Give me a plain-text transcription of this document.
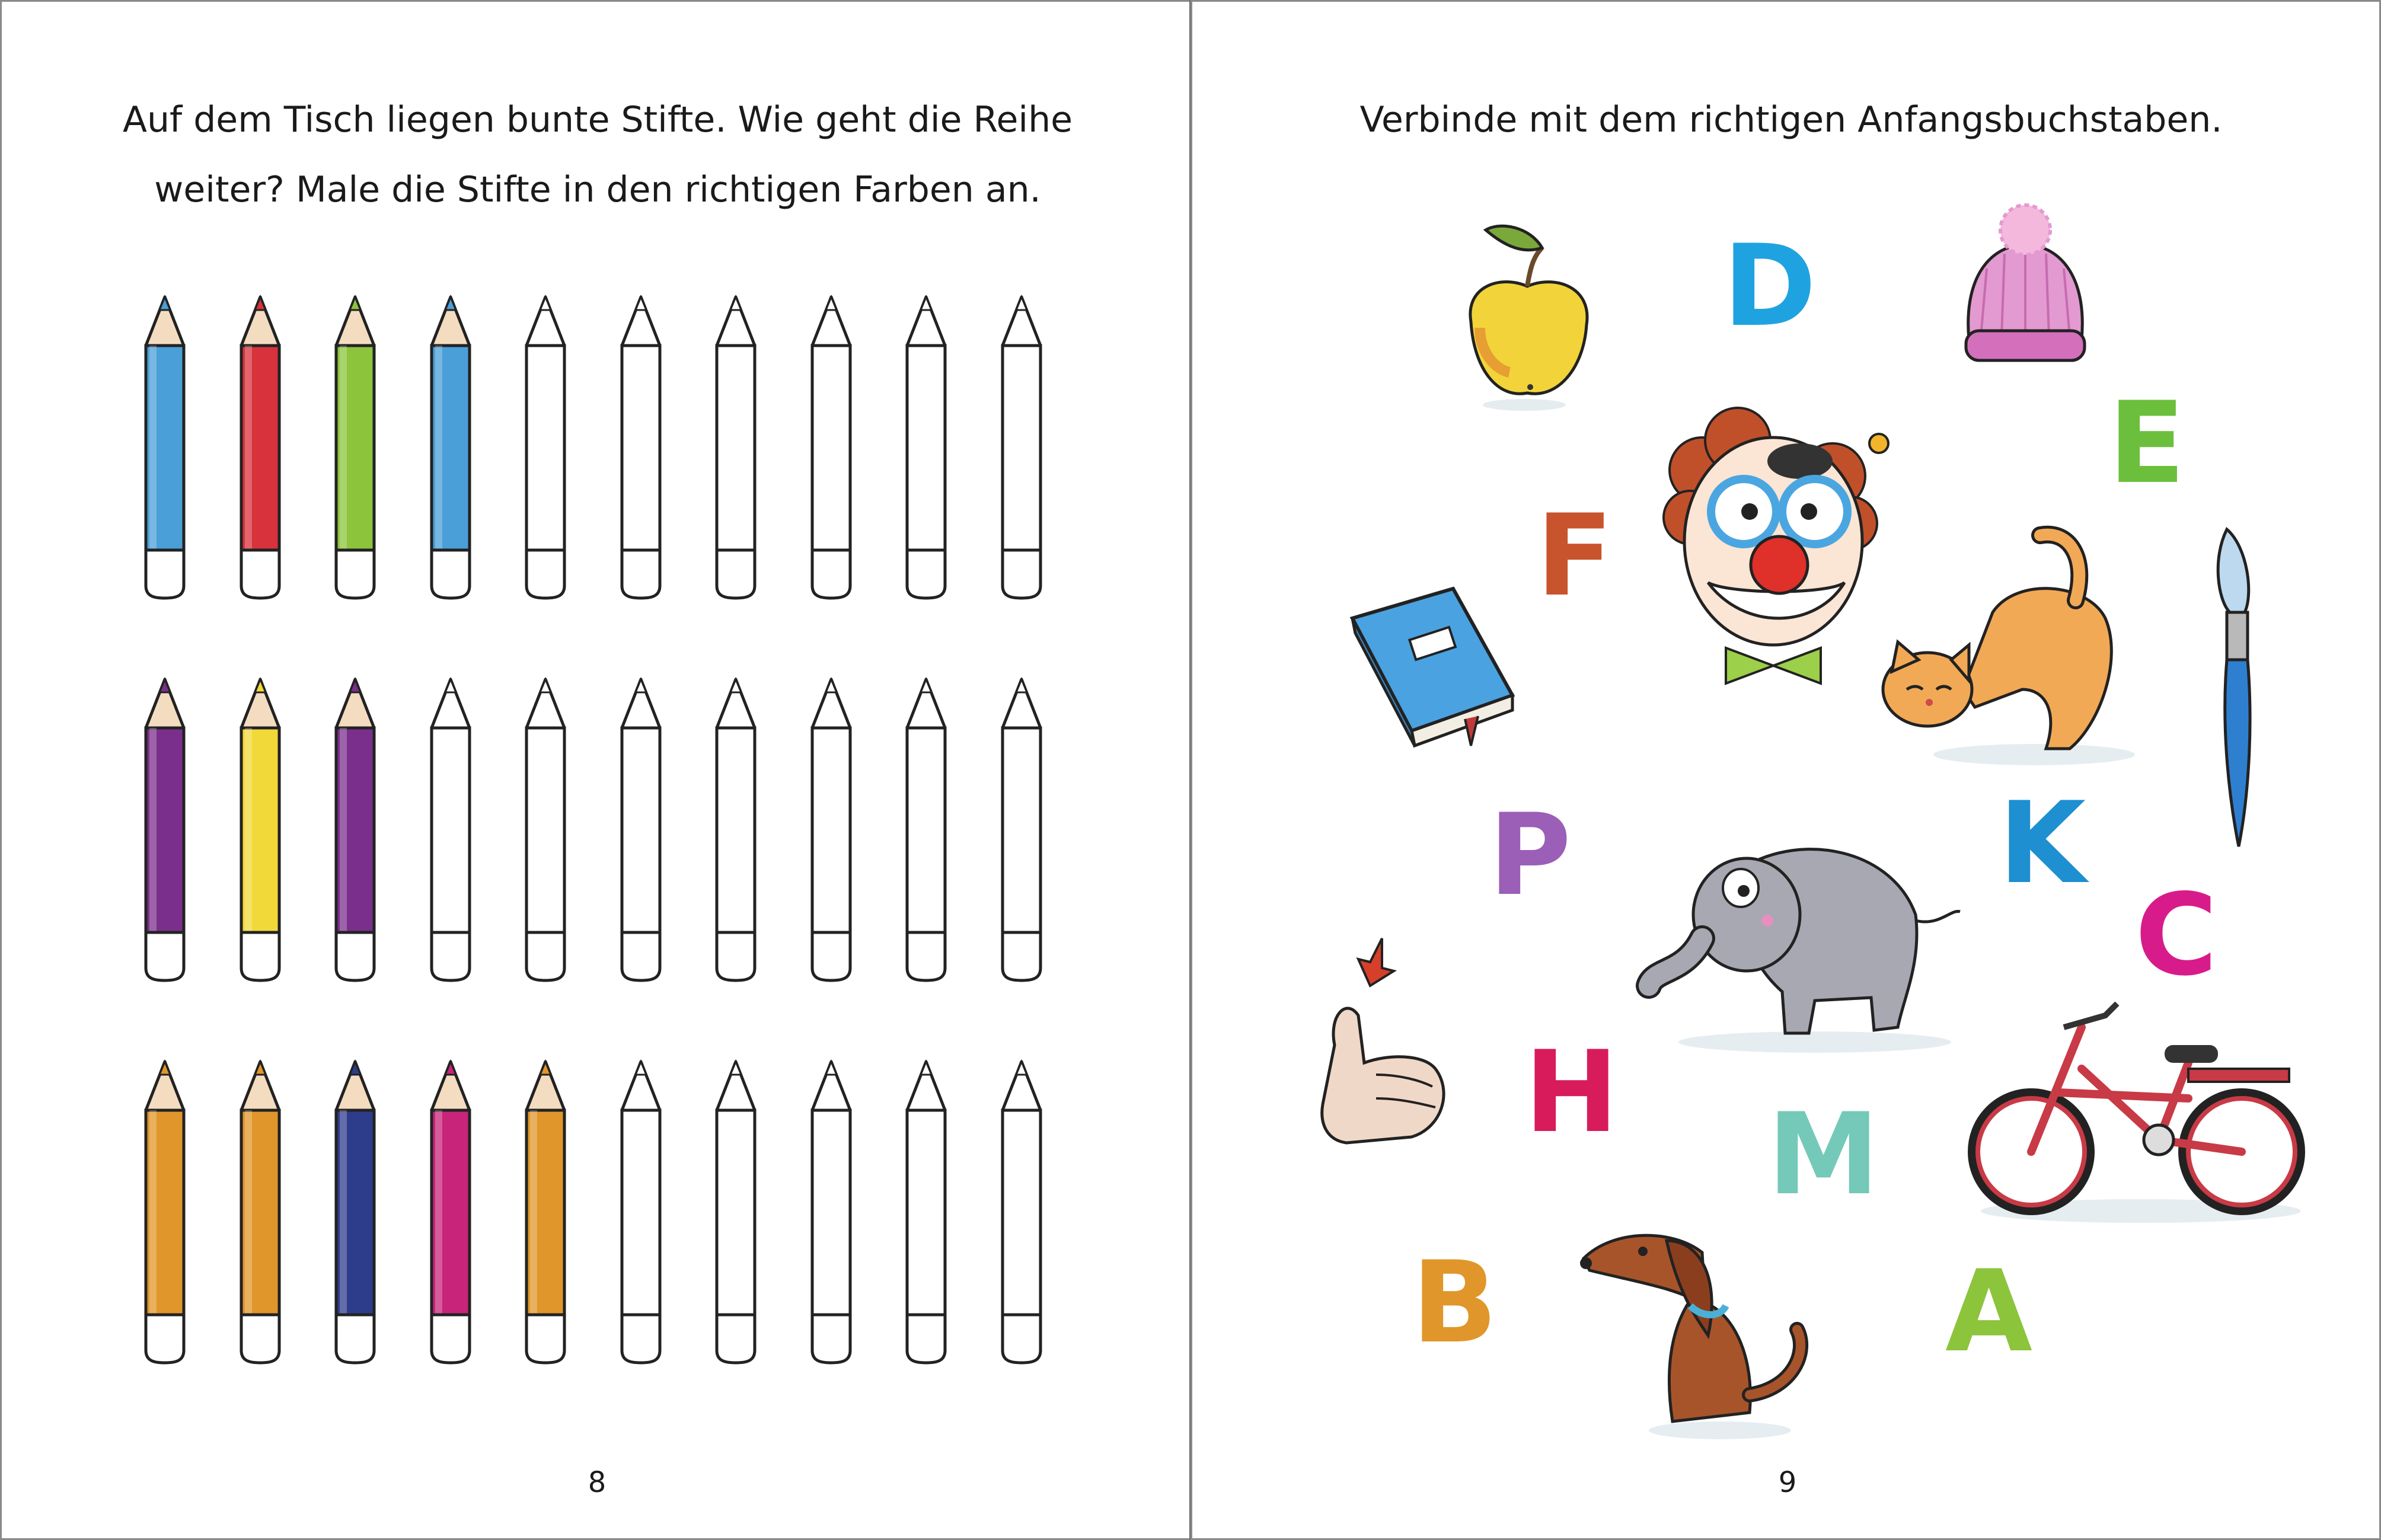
Auf dem Tisch liegen bunte Stifte. Wie geht die Reihe
weiter? Male die Stifte in den richtigen Farben an.
8
Verbinde mit dem richtigen Anfangsbuchstaben.
D
E
F
P	K
C
H M
B	A
9
